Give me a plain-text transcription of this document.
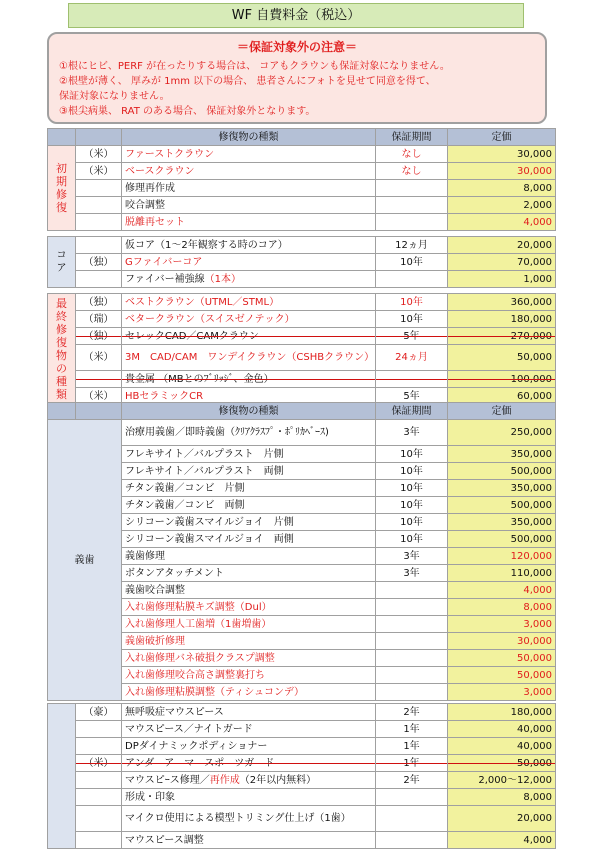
WF 自費料金（税込）
＝保証対象外の注意＝
①根にヒビ、PERF が在ったりする場合は、 コアもクラウンも保証対象になりません。
②根壁が薄く、 厚みが 1mm 以下の場合、 患者さんにフォトを見せて同意を得て、
保証対象になりません。
③根尖病巣、 RAT のある場合、 保証対象外となります。
		修復物の種類	保証期間	定価
初期修復	（米）	ファーストクラウン	なし	30,000
	（米）	ベースクラウン	なし	30,000
		修理再作成		8,000
		咬合調整		2,000
		脱離再セット		4,000

コア		仮コア（1～2年観察する時のコア）	12ヵ月	20,000
	（独）	Gファイバーコア	10年	70,000
		ファイバー補強線（1本）		1,000

最終修復物の種類	（独）	ベストクラウン（UTML／STML）	10年	360,000
	（瑞）	ベタークラウン（スイスゼノテック）	10年	180,000
	（独）	セレックCAD／CAMクラウン	5年	270,000
	（米）	3M　CAD/CAM　ワンデイクラウン（CSHBクラウン）	24ヵ月	50,000
		貴金属 （MBとのﾌﾞﾘｯｼﾞ、金色）		100,000
	（米）	HBセラミックCR	5年	60,000
		修復物の種類	保証期間	定価
義歯		治療用義歯／即時義歯（ｸﾘｱｸﾗｽﾌﾟ・ﾎﾟﾘｶﾍﾞｰｽ)	3年	250,000
		フレキサイト／バルプラスト　片側	10年	350,000
		フレキサイト／バルプラスト　両側	10年	500,000
		チタン義歯／コンビ　片側	10年	350,000
		チタン義歯／コンビ　両側	10年	500,000
		シリコーン義歯スマイルジョイ　片側	10年	350,000
		シリコーン義歯スマイルジョイ　両側	10年	500,000
		義歯修理	3年	120,000
		ボタンアタッチメント	3年	110,000
		義歯咬合調整		4,000
		入れ歯修理粘膜キズ調整（Dul）		8,000
		入れ歯修理人工歯増（1歯増歯）		3,000
		義歯破折修理		30,000
		入れ歯修理バネ破損クラスプ調整		50,000
		入れ歯修理咬合高さ調整裏打ち		50,000
		入れ歯修理粘膜調整（ティシュコンデ）		3,000
	（豪）	無呼吸症マウスピース	2年	180,000
		マウスピース／ナイトガード	1年	40,000
		DPダイナミックポディショナー	1年	40,000
	（米）	アンダ　ア　マ　スポ　ツガ　ド	1年	50,000
		マウスピｰス修理／再作成（2年以内無料）	2年	2,000～12,000
		形成・印象		8,000
		マイクロ使用による模型トリミング仕上げ（1歯）		20,000
		マウスピース調整		4,000
